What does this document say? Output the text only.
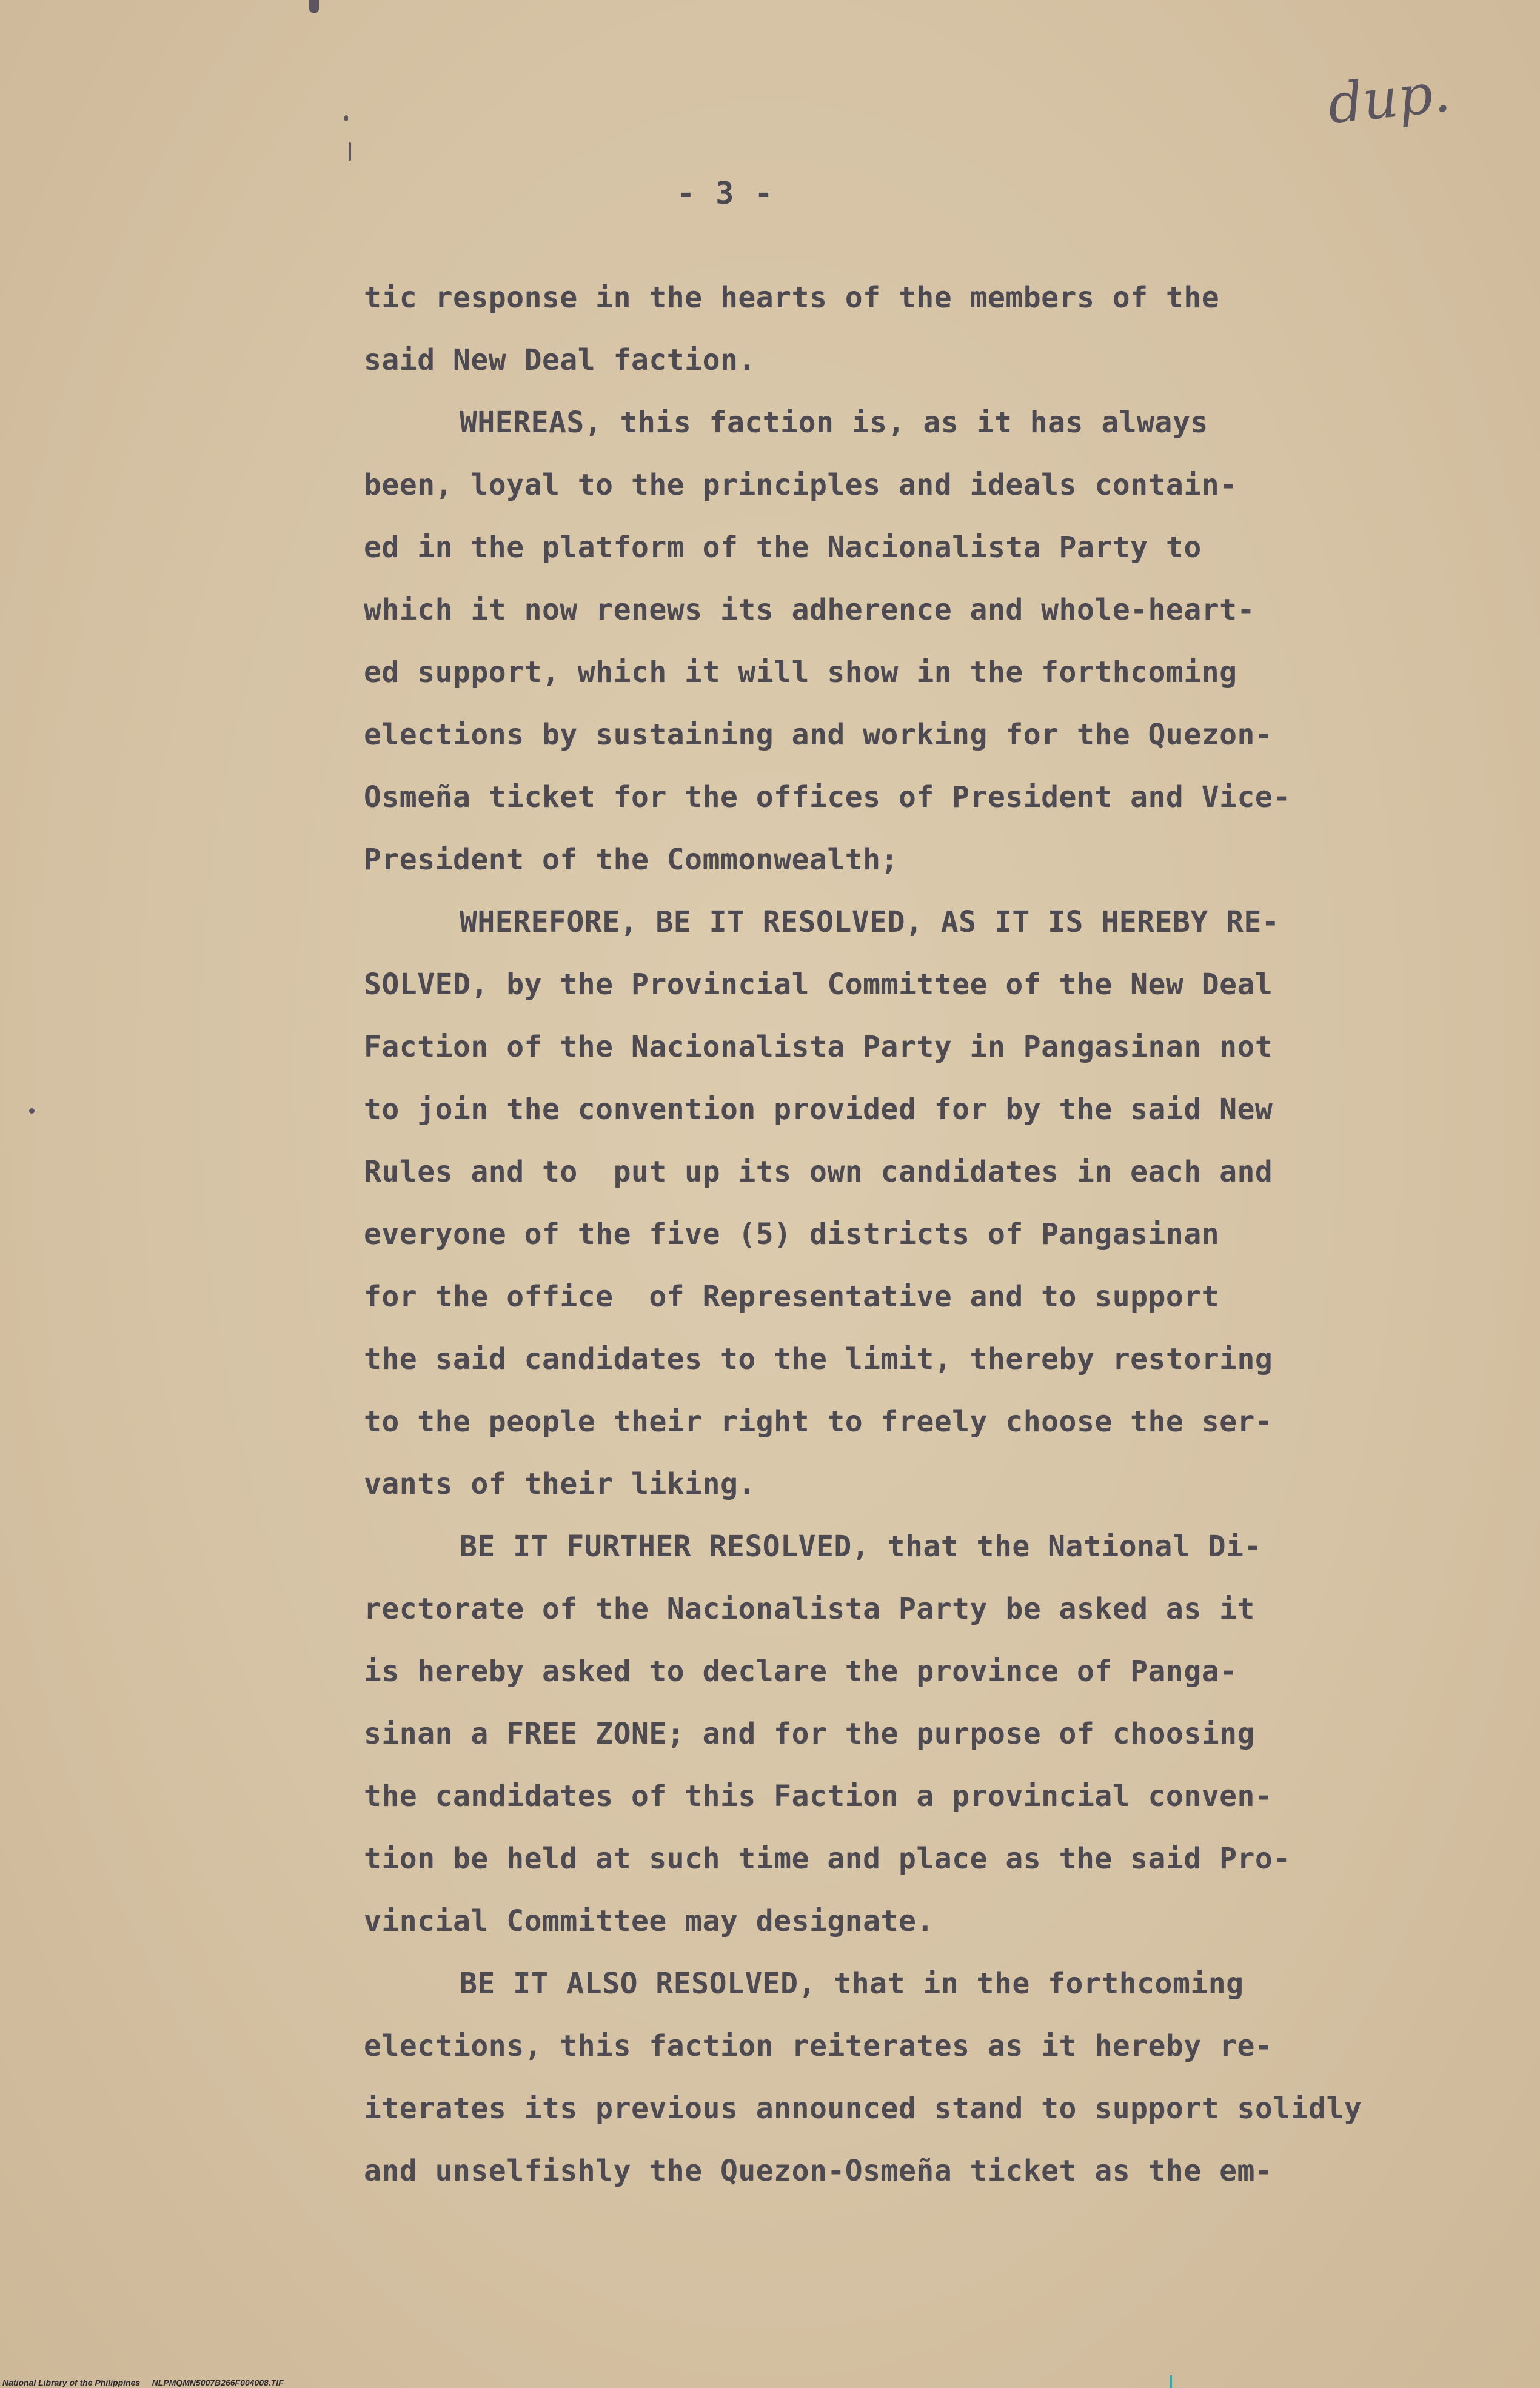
dup.
- 3 -
tic response in the hearts of the members of the
said New Deal faction.
WHEREAS, this faction is, as it has always
been, loyal to the principles and ideals contain-
ed in the platform of the Nacionalista Party to
which it now renews its adherence and whole-heart-
ed support, which it will show in the forthcoming
elections by sustaining and working for the Quezon-
Osmeña ticket for the offices of President and Vice-
President of the Commonwealth;
WHEREFORE, BE IT RESOLVED, AS IT IS HEREBY RE-
SOLVED, by the Provincial Committee of the New Deal
Faction of the Nacionalista Party in Pangasinan not
to join the convention provided for by the said New
Rules and to  put up its own candidates in each and
everyone of the five (5) districts of Pangasinan
for the office  of Representative and to support
the said candidates to the limit, thereby restoring
to the people their right to freely choose the ser-
vants of their liking.
BE IT FURTHER RESOLVED, that the National Di-
rectorate of the Nacionalista Party be asked as it
is hereby asked to declare the province of Panga-
sinan a FREE ZONE; and for the purpose of choosing
the candidates of this Faction a provincial conven-
tion be held at such time and place as the said Pro-
vincial Committee may designate.
BE IT ALSO RESOLVED, that in the forthcoming
elections, this faction reiterates as it hereby re-
iterates its previous announced stand to support solidly
and unselfishly the Quezon-Osmeña ticket as the em-
National Library of the Philippines     NLPMQMN5007B266F004008.TIF
